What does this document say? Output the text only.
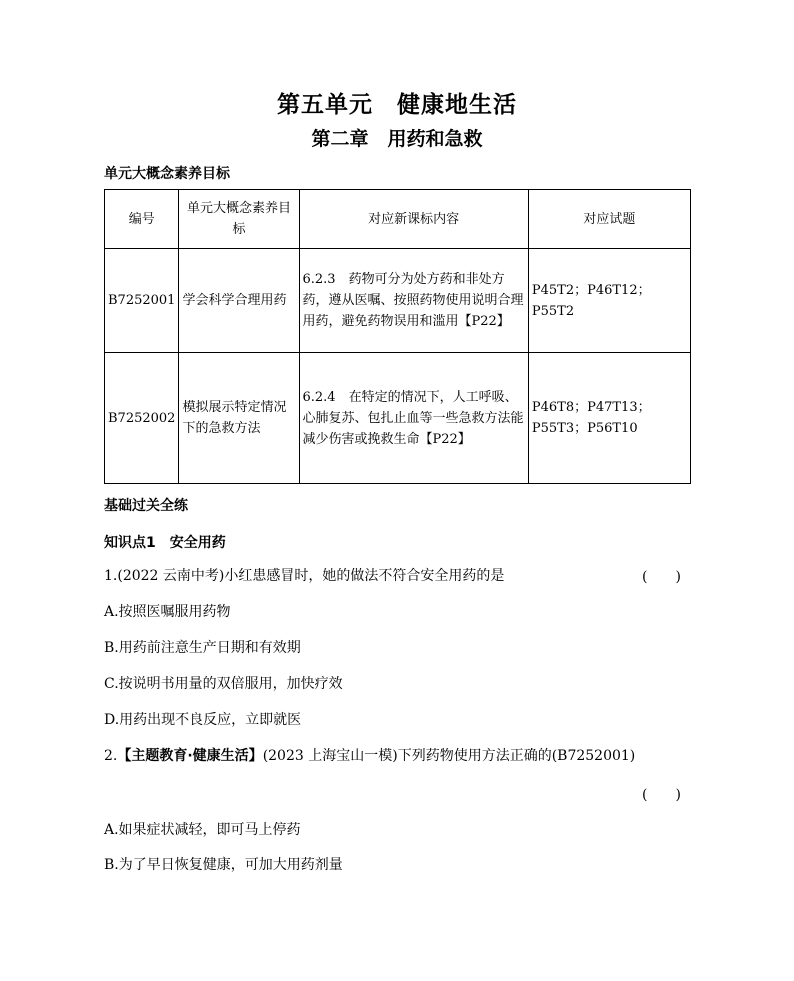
第五单元　健康地生活
第二章　用药和急救
单元大概念素养目标
编号	单元大概念素养目标	对应新课标内容	对应试题
B7252001	学会科学合理用药	6.2.3　药物可分为处方药和非处方药，遵从医嘱、按照药物使用说明合理用药，避免药物误用和滥用【P22】	P45T2；P46T12；P55T2
B7252002	模拟展示特定情况下的急救方法	6.2.4　在特定的情况下，人工呼吸、心肺复苏、包扎止血等一些急救方法能减少伤害或挽救生命【P22】	P46T8；P47T13；P55T3；P56T10
基础过关全练
知识点1　安全用药
1.(2022 云南中考)小红患感冒时，她的做法不符合安全用药的是	(　　)
A.按照医嘱服用药物
B.用药前注意生产日期和有效期
C.按说明书用量的双倍服用，加快疗效
D.用药出现不良反应，立即就医
2.【主题教育·健康生活】(2023 上海宝山一模)下列药物使用方法正确的(B7252001)
(　　)
A.如果症状减轻，即可马上停药
B.为了早日恢复健康，可加大用药剂量
